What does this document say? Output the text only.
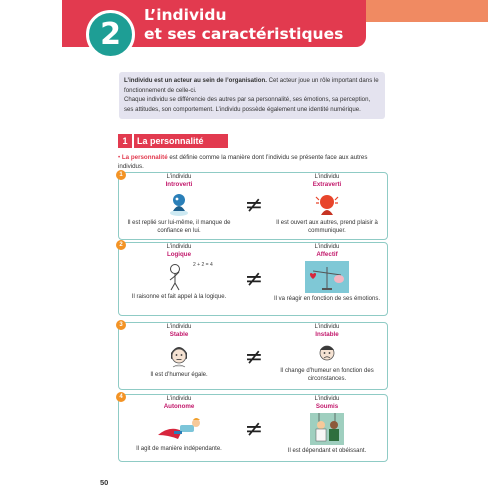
2
L’individu
et ses caractéristiques
L’individu est un acteur au sein de l’organisation. Cet acteur joue un rôle important dans le fonctionnement de celle-ci.
Chaque individu se différencie des autres par sa personnalité, ses émotions, sa perception, ses attitudes, son comportement. L’individu possède également une identité numérique.
1	La personnalité
• La personnalité est définie comme la manière dont l’individu se présente face aux autres individus.
1	L’individu
Introverti
Il est replié sur lui-même, il manque de confiance en lui.
≠
L’individu
Extraverti
Il est ouvert aux autres, prend plaisir à communiquer.
2	L’individu
Logique
2 + 2 = 4
Il raisonne et fait appel à la logique.
≠
L’individu
Affectif
Il va réagir en fonction de ses émotions.
3	L’individu
Stable
Il est d’humeur égale.
≠
L’individu
Instable
Il change d’humeur en fonction des circonstances.
4	L’individu
Autonome
Il agit de manière indépendante.
≠
L’individu
Soumis
Il est dépendant et obéissant.
50
